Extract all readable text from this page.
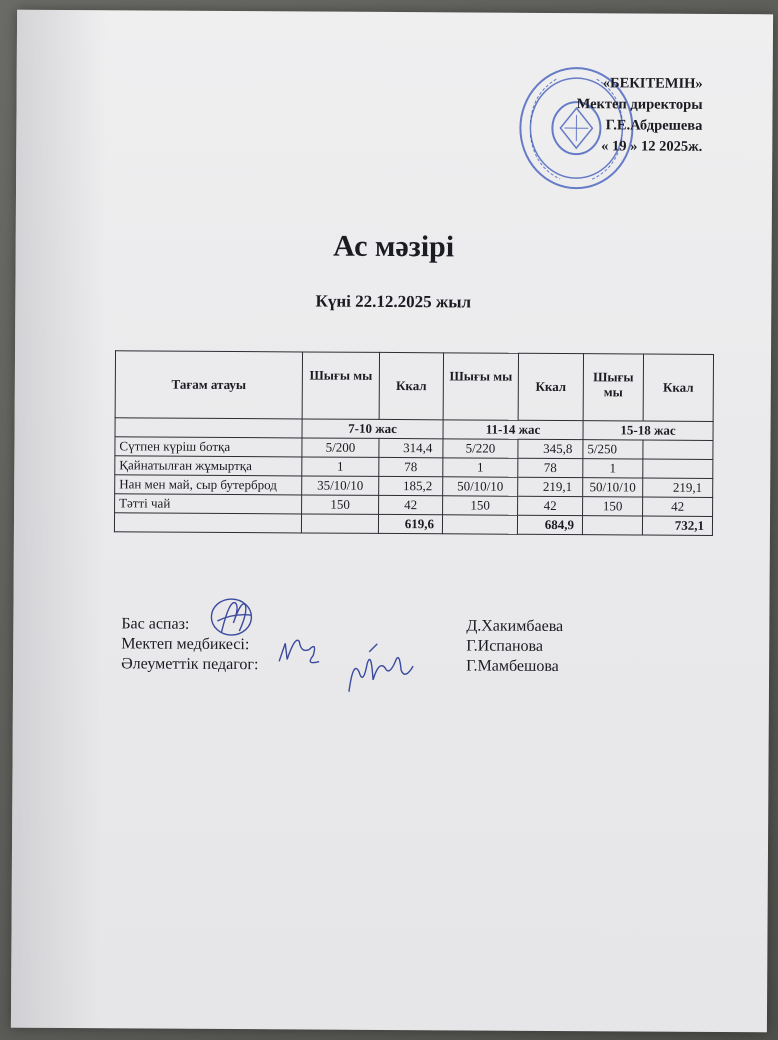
«БЕКІТЕМІН»
Мектеп директоры
Г.Е.Абдрешева
« 19 » 12 2025ж.
Ас мәзірі
Күні 22.12.2025 жыл
Тағам атауы	Шығы мы	Ккал	Шығы мы	Ккал	Шығы мы	Ккал
	7-10 жас		11-14 жас		15-18 жас	
Сүтпен күріш ботқа	5/200	314,4	5/220	345,8	5/250	
Қайнатылған жұмыртқа	1	78	1	78	1	
Нан мен май, сыр бутерброд	35/10/10	185,2	50/10/10	219,1	50/10/10	219,1
Тәтті чай	150	42	150	42	150	42
		619,6		684,9		732,1
Бас аспаз:	Д.Хакимбаева
Мектеп медбикесі:	Г.Испанова
Әлеуметтік педагог:	Г.Мамбешова
